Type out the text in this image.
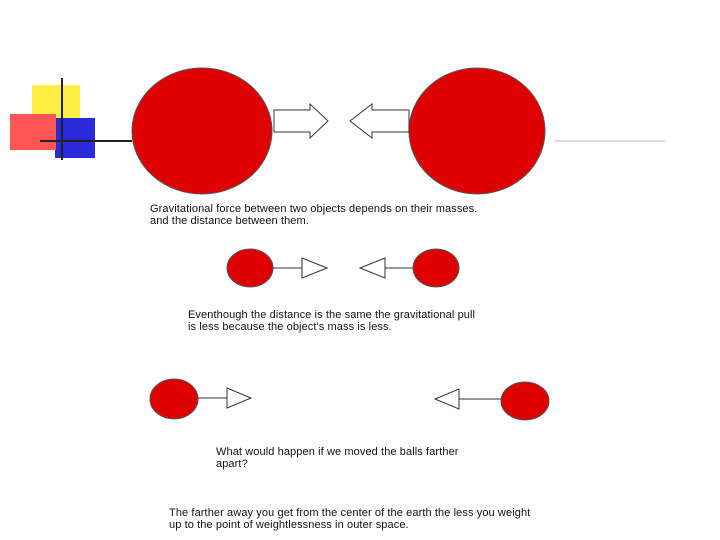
Gravitational force between two objects depends on their masses.
and the distance between them.
Eventhough the distance is the same the gravitational pull
is less because the object's mass is less.
What would happen if we moved the balls farther
apart?
The farther away you get from the center of the earth the less you weight
up to the point of weightlessness in outer space.
